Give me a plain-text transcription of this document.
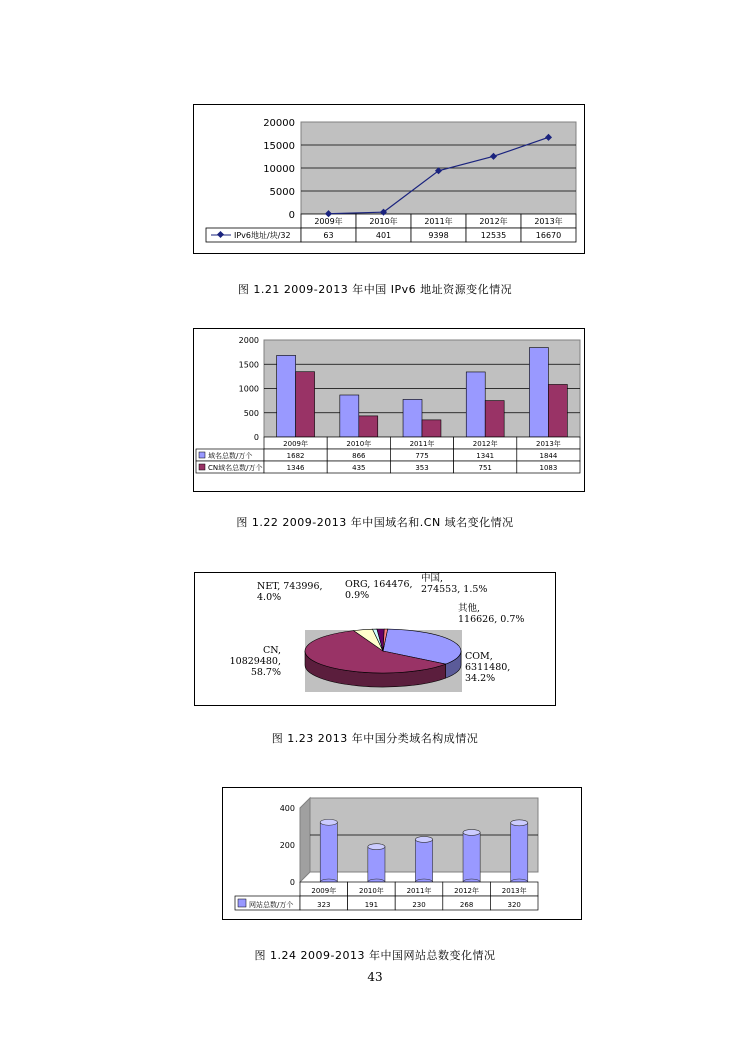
20000
15000
10000
5000
0
2009年	2010年	2011年	2012年	2013年
IPv6地址/块/32	63	401	9398	12535	16670
图 1.21 2009-2013 年中国 IPv6 地址资源变化情况
2000
1500
1000
500
0
2009年	2010年	2011年	2012年	2013年
域名总数/万个	1682	866	775	1341	1844
CN域名总数/万个	1346	435	353	751	1083
图 1.22 2009-2013 年中国域名和.CN 域名变化情况
NET, 743996,
4.0%
ORG, 164476,
0.9%
中国,
274553, 1.5%
其他,
116626, 0.7%
CN,
10829480,
58.7%
COM,
6311480,
34.2%
图 1.23 2013 年中国分类域名构成情况
400
200
0
2009年	2010年	2011年	2012年	2013年
网站总数/万个	323	191	230	268	320
图 1.24 2009-2013 年中国网站总数变化情况
43
